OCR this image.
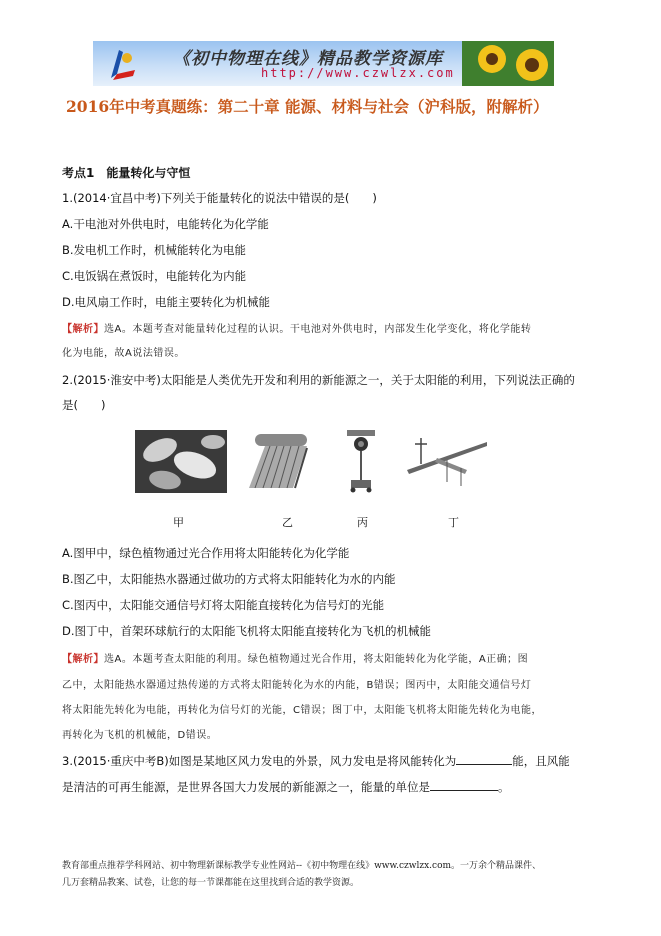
《初中物理在线》精品教学资源库
http://www.czwlzx.com
2016年中考真题练：第二十章 能源、材料与社会（沪科版，附解析）
考点1　能量转化与守恒
1.(2014·宜昌中考)下列关于能量转化的说法中错误的是(　　)
A.干电池对外供电时，电能转化为化学能
B.发电机工作时，机械能转化为电能
C.电饭锅在煮饭时，电能转化为内能
D.电风扇工作时，电能主要转化为机械能
【解析】选A。本题考查对能量转化过程的认识。干电池对外供电时，内部发生化学变化，将化学能转
化为电能，故A说法错误。
2.(2015·淮安中考)太阳能是人类优先开发和利用的新能源之一，关于太阳能的利用，下列说法正确的
是(　　)
甲	乙	丙	丁
A.图甲中，绿色植物通过光合作用将太阳能转化为化学能
B.图乙中，太阳能热水器通过做功的方式将太阳能转化为水的内能
C.图丙中，太阳能交通信号灯将太阳能直接转化为信号灯的光能
D.图丁中，首架环球航行的太阳能飞机将太阳能直接转化为飞机的机械能
【解析】选A。本题考查太阳能的利用。绿色植物通过光合作用，将太阳能转化为化学能，A正确；图
乙中，太阳能热水器通过热传递的方式将太阳能转化为水的内能，B错误；图丙中，太阳能交通信号灯
将太阳能先转化为电能，再转化为信号灯的光能，C错误；图丁中，太阳能飞机将太阳能先转化为电能，
再转化为飞机的机械能，D错误。
3.(2015·重庆中考B)如图是某地区风力发电的外景，风力发电是将风能转化为	能，且风能
是清洁的可再生能源，是世界各国大力发展的新能源之一，能量的单位是	。
教育部重点推荐学科网站、初中物理新课标教学专业性网站--《初中物理在线》www.czwlzx.com。一万余个精品课件、
几万套精品教案、试卷，让您的每一节课都能在这里找到合适的教学资源。
